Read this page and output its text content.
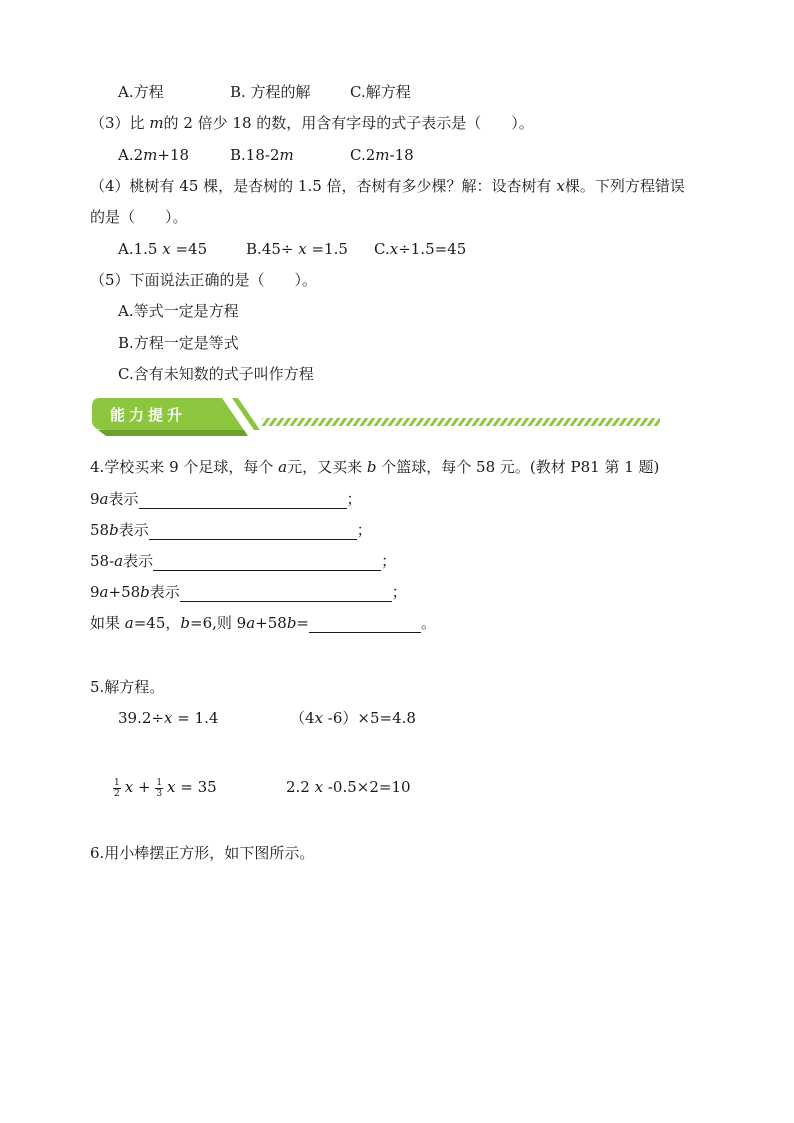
A.方程	B. 方程的解	C.解方程
（3）比 m的 2 倍少 18 的数，用含有字母的式子表示是（　　）。
A.2m+18	B.18-2m	C.2m-18
（4）桃树有 45 棵，是杏树的 1.5 倍，杏树有多少棵？解：设杏树有 x棵。下列方程错误
的是（　　）。
A.1.5 x =45	B.45÷ x =1.5 C.x÷1.5=45
（5）下面说法正确的是（　　）。
A.等式一定是方程
B.方程一定是等式
C.含有未知数的式子叫作方程
能力提升
4.学校买来 9 个足球，每个 a元，又买来 b 个篮球，每个 58 元。(教材 P81 第 1 题)
9a表示	；
58b表示	；
58-a表示	；
9a+58b表示	；
如果 a=45，b=6,则 9a+58b=	。
5.解方程。
39.2÷x = 1.4	（4x -6）×5=4.8
$\frac{1}{2}$ $x + \frac{1}{3}$ x = 35	2.2 x -0.5×2=10
6.用小棒摆正方形，如下图所示。
